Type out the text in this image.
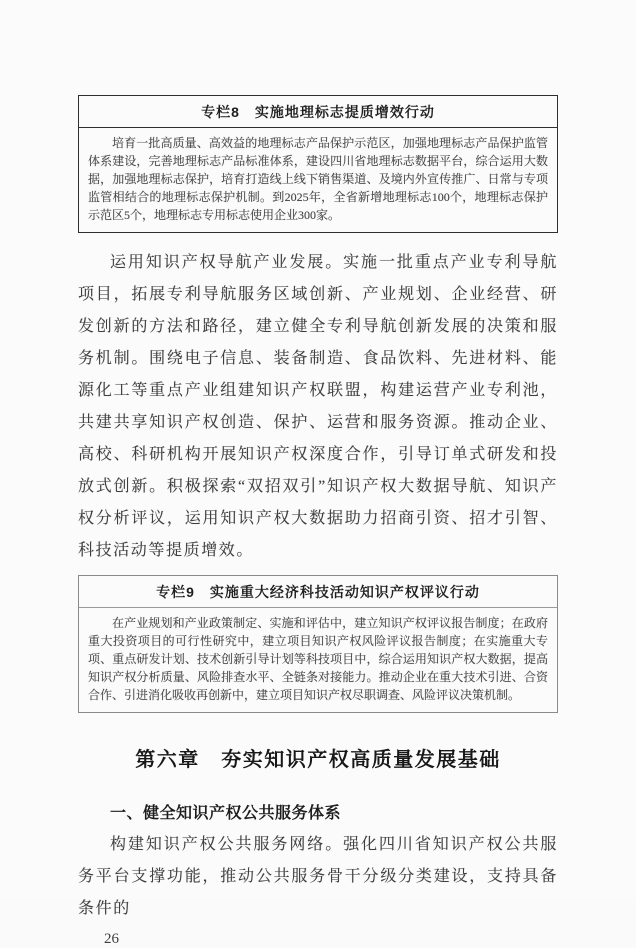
专栏8　实施地理标志提质增效行动
培育一批高质量、高效益的地理标志产品保护示范区，加强地理标志产品保护监管体系建设，完善地理标志产品标准体系，建设四川省地理标志数据平台，综合运用大数据，加强地理标志保护，培育打造线上线下销售渠道、及境内外宣传推广、日常与专项监管相结合的地理标志保护机制。到2025年，全省新增地理标志100个，地理标志保护示范区5个，地理标志专用标志使用企业300家。

运用知识产权导航产业发展。实施一批重点产业专利导航项目，拓展专利导航服务区域创新、产业规划、企业经营、研发创新的方法和路径，建立健全专利导航创新发展的决策和服务机制。围绕电子信息、装备制造、食品饮料、先进材料、能源化工等重点产业组建知识产权联盟，构建运营产业专利池，共建共享知识产权创造、保护、运营和服务资源。推动企业、高校、科研机构开展知识产权深度合作，引导订单式研发和投放式创新。积极探索“双招双引”知识产权大数据导航、知识产权分析评议，运用知识产权大数据助力招商引资、招才引智、科技活动等提质增效。

专栏9　实施重大经济科技活动知识产权评议行动
在产业规划和产业政策制定、实施和评估中，建立知识产权评议报告制度；在政府重大投资项目的可行性研究中，建立项目知识产权风险评议报告制度；在实施重大专项、重点研发计划、技术创新引导计划等科技项目中，综合运用知识产权大数据，提高知识产权分析质量、风险排查水平、全链条对接能力。推动企业在重大技术引进、合资合作、引进消化吸收再创新中，建立项目知识产权尽职调查、风险评议决策机制。
第六章　夯实知识产权高质量发展基础
一、健全知识产权公共服务体系

构建知识产权公共服务网络。强化四川省知识产权公共服务平台支撑功能，推动公共服务骨干分级分类建设，支持具备条件的

26
